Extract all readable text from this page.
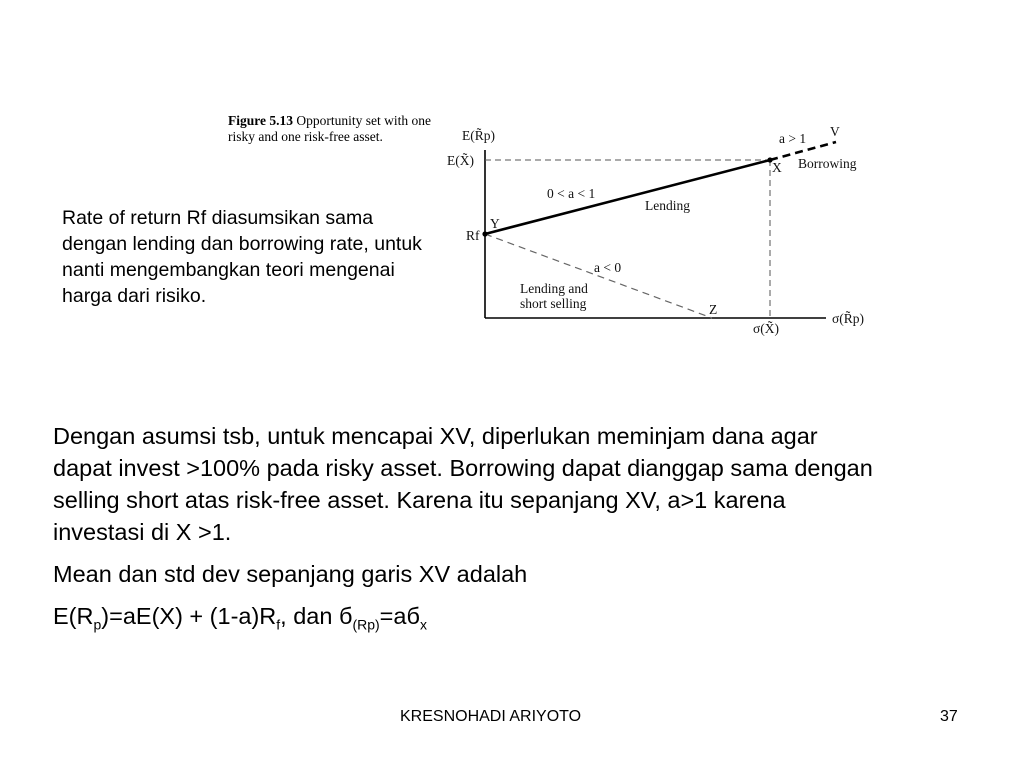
Figure 5.13 Opportunity set with one risky and one risk-free asset.	E(R̃p)
E(X̃)
Rf
Y
X
a > 1 V
Borrowing
0 < a < 1
Lending
a < 0
Lending and
short selling	Z
σ(X̃)
σ(R̃p)
Rate of return Rf diasumsikan sama dengan lending dan borrowing rate, untuk nanti mengembangkan teori mengenai harga dari risiko.

Dengan asumsi tsb, untuk mencapai XV, diperlukan meminjam dana agar dapat invest >100% pada risky asset. Borrowing dapat dianggap sama dengan selling short atas risk-free asset. Karena itu sepanjang XV, a>1 karena investasi di X >1.

Mean dan std dev sepanjang garis XV adalah

$E(R_p)=aE(X) + (1-a)R_f$, dan $б_{(Rp)}=aб_x$

KRESNOHADI ARIYOTO	37
